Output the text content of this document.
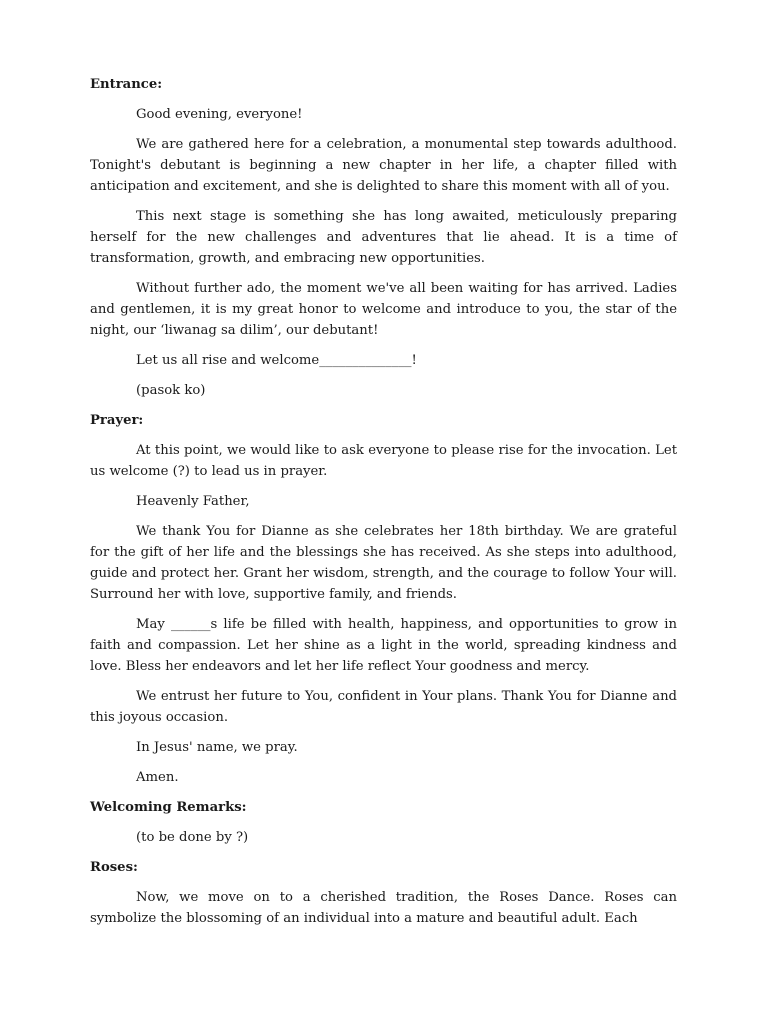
Entrance:

Good evening, everyone!

We are gathered here for a celebration, a monumental step towards adulthood. Tonight's debutant is beginning a new chapter in her life, a chapter filled with anticipation and excitement, and she is delighted to share this moment with all of you.

This next stage is something she has long awaited, meticulously preparing herself for the new challenges and adventures that lie ahead. It is a time of transformation, growth, and embracing new opportunities.

Without further ado, the moment we've all been waiting for has arrived. Ladies and gentlemen, it is my great honor to welcome and introduce to you, the star of the night, our ‘liwanag sa dilim’, our debutant!

Let us all rise and welcome______________!

(pasok ko)

Prayer:

At this point, we would like to ask everyone to please rise for the invocation. Let us welcome (?) to lead us in prayer.

Heavenly Father,

We thank You for Dianne as she celebrates her 18th birthday. We are grateful for the gift of her life and the blessings she has received. As she steps into adulthood, guide and protect her. Grant her wisdom, strength, and the courage to follow Your will. Surround her with love, supportive family, and friends.

May ______s life be filled with health, happiness, and opportunities to grow in faith and compassion. Let her shine as a light in the world, spreading kindness and love. Bless her endeavors and let her life reflect Your goodness and mercy.

We entrust her future to You, confident in Your plans. Thank You for Dianne and this joyous occasion.

In Jesus' name, we pray.

Amen.

Welcoming Remarks:

(to be done by ?)

Roses:

Now, we move on to a cherished tradition, the Roses Dance. Roses can symbolize the blossoming of an individual into a mature and beautiful adult. Each
